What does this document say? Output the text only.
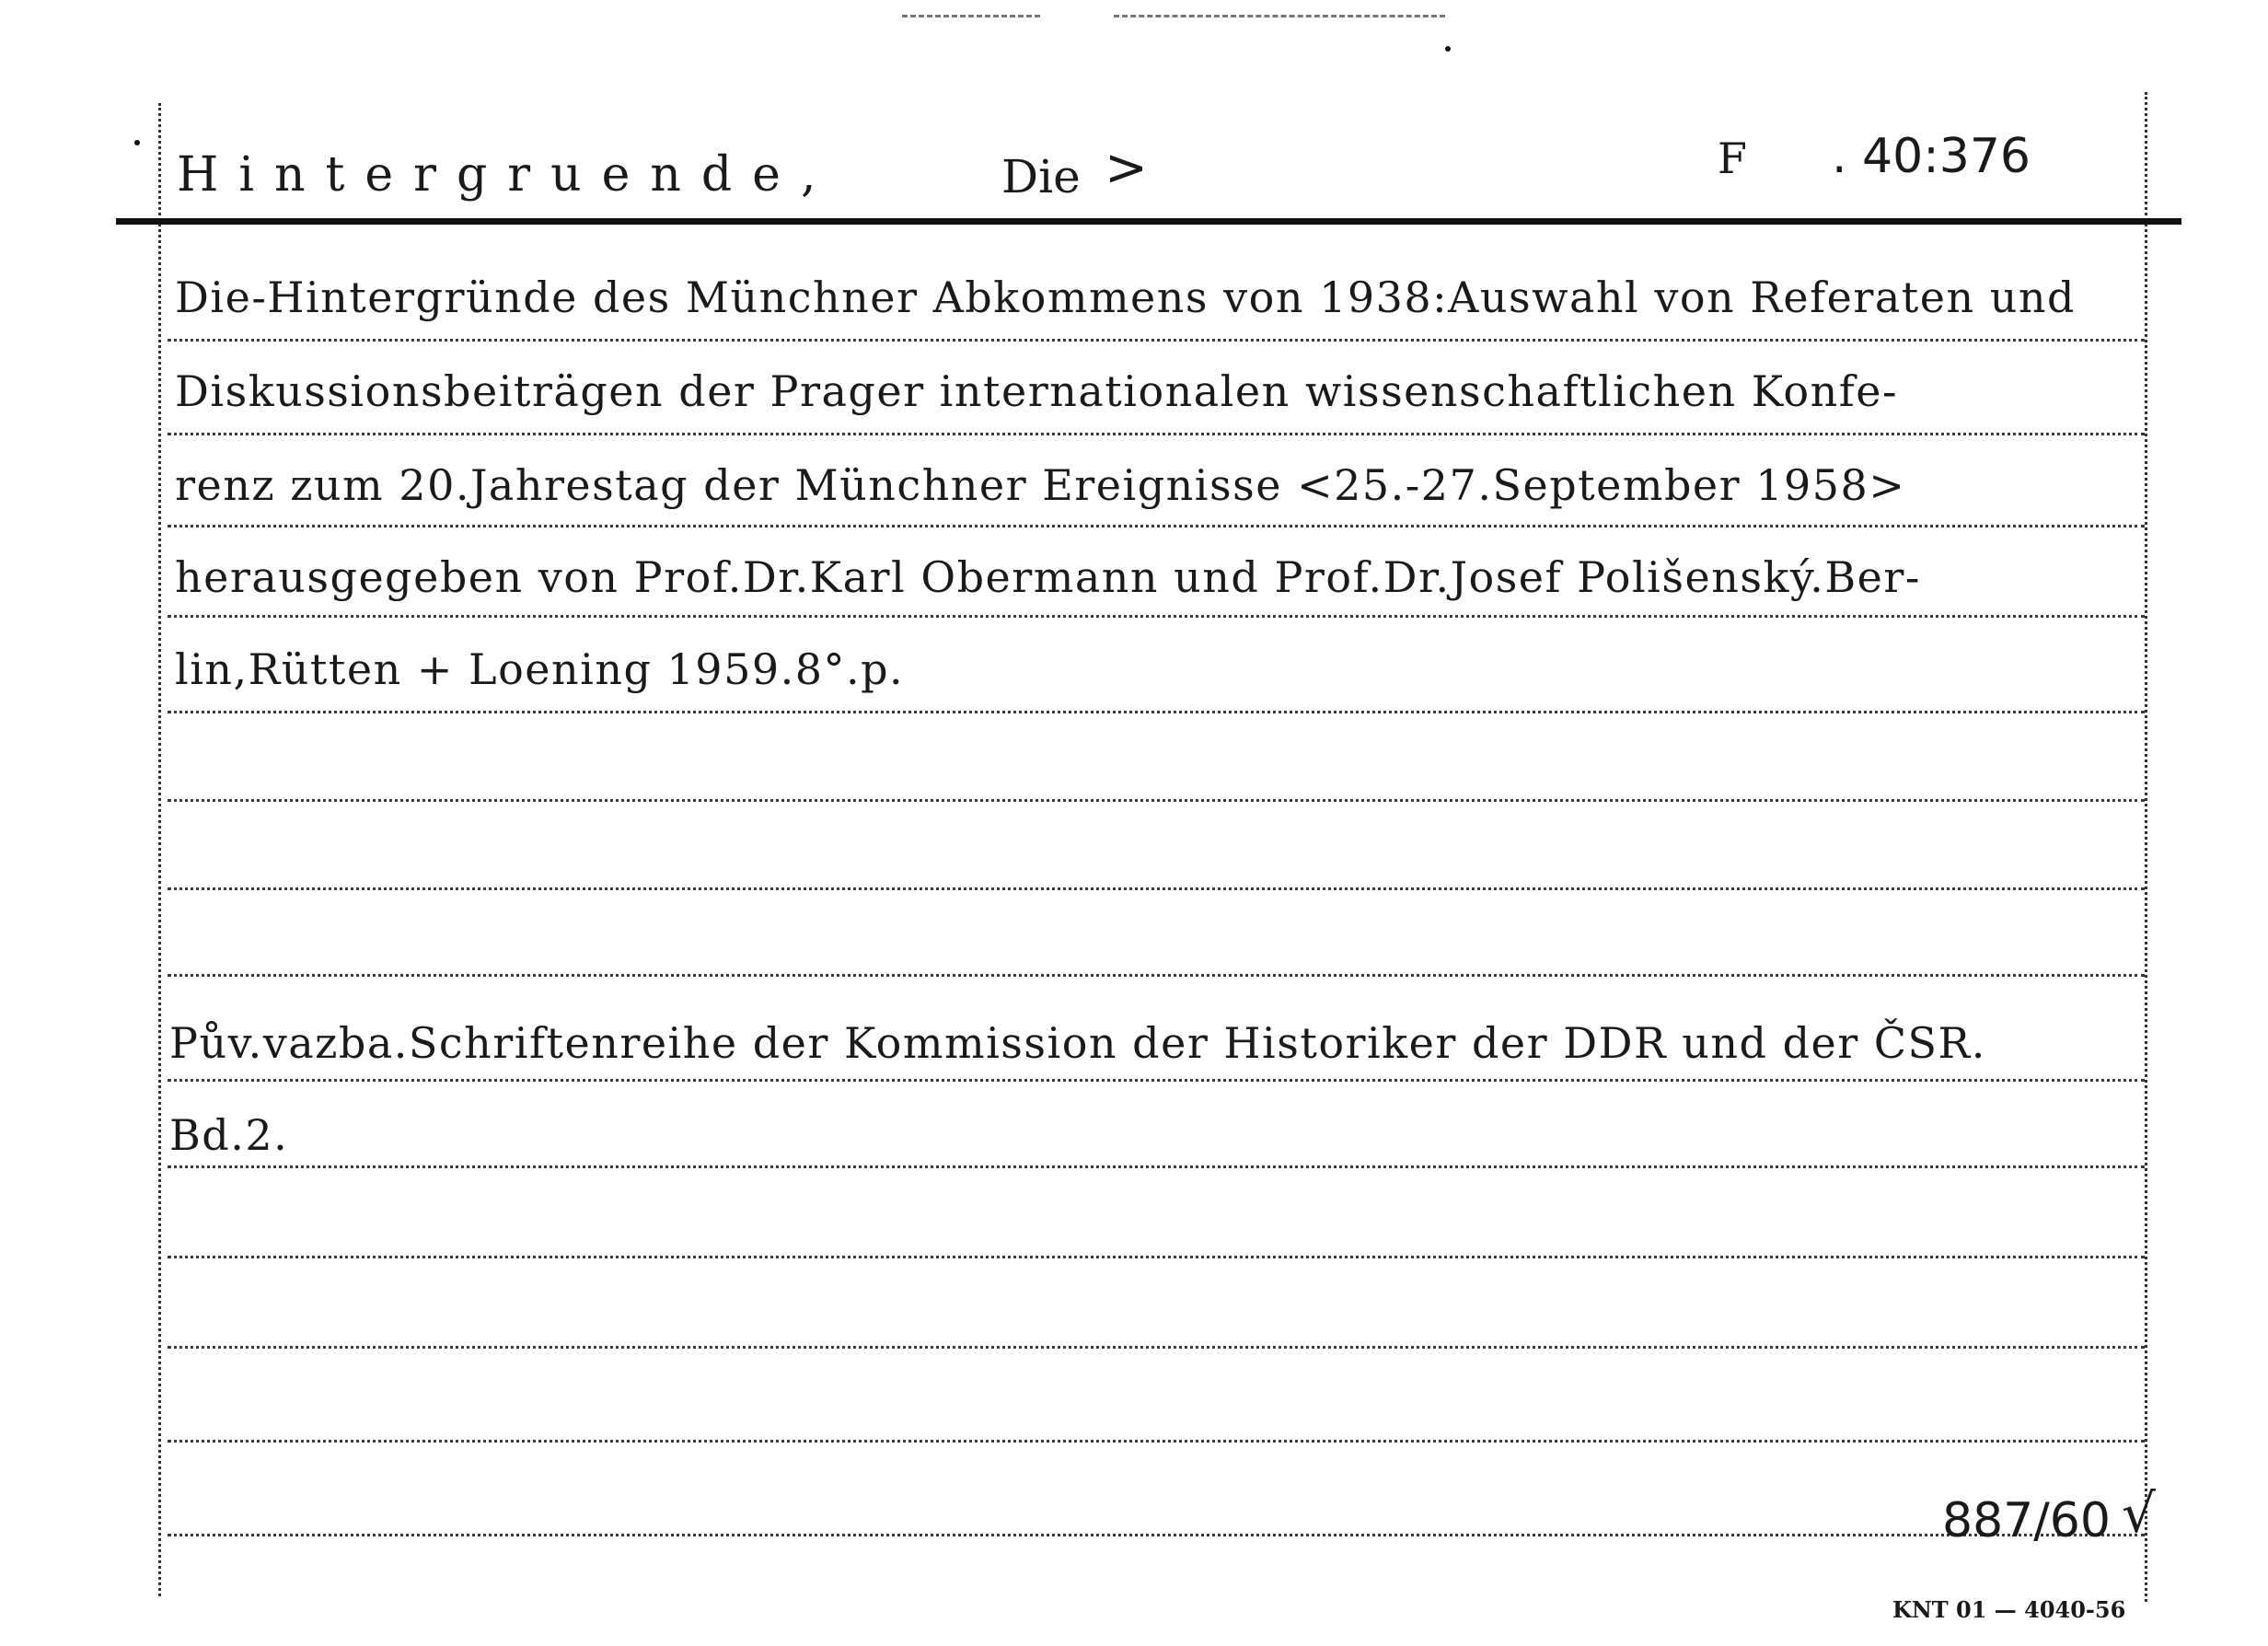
Hintergruende,	Die >	F . 40:376
Die-Hintergründe des Münchner Abkommens von 1938:Auswahl von Referaten und
Diskussionsbeiträgen der Prager internationalen wissenschaftlichen Konfe-
renz zum 20.Jahrestag der Münchner Ereignisse <25.-27.September 1958>
herausgegeben von Prof.Dr.Karl Obermann und Prof.Dr.Josef Polišenský.Ber-
lin,Rütten + Loening 1959.8°.p.
Pův.vazba.Schriftenreihe der Kommission der Historiker der DDR und der ČSR.
Bd.2.
887/60 √
KNT 01 — 4040-56
